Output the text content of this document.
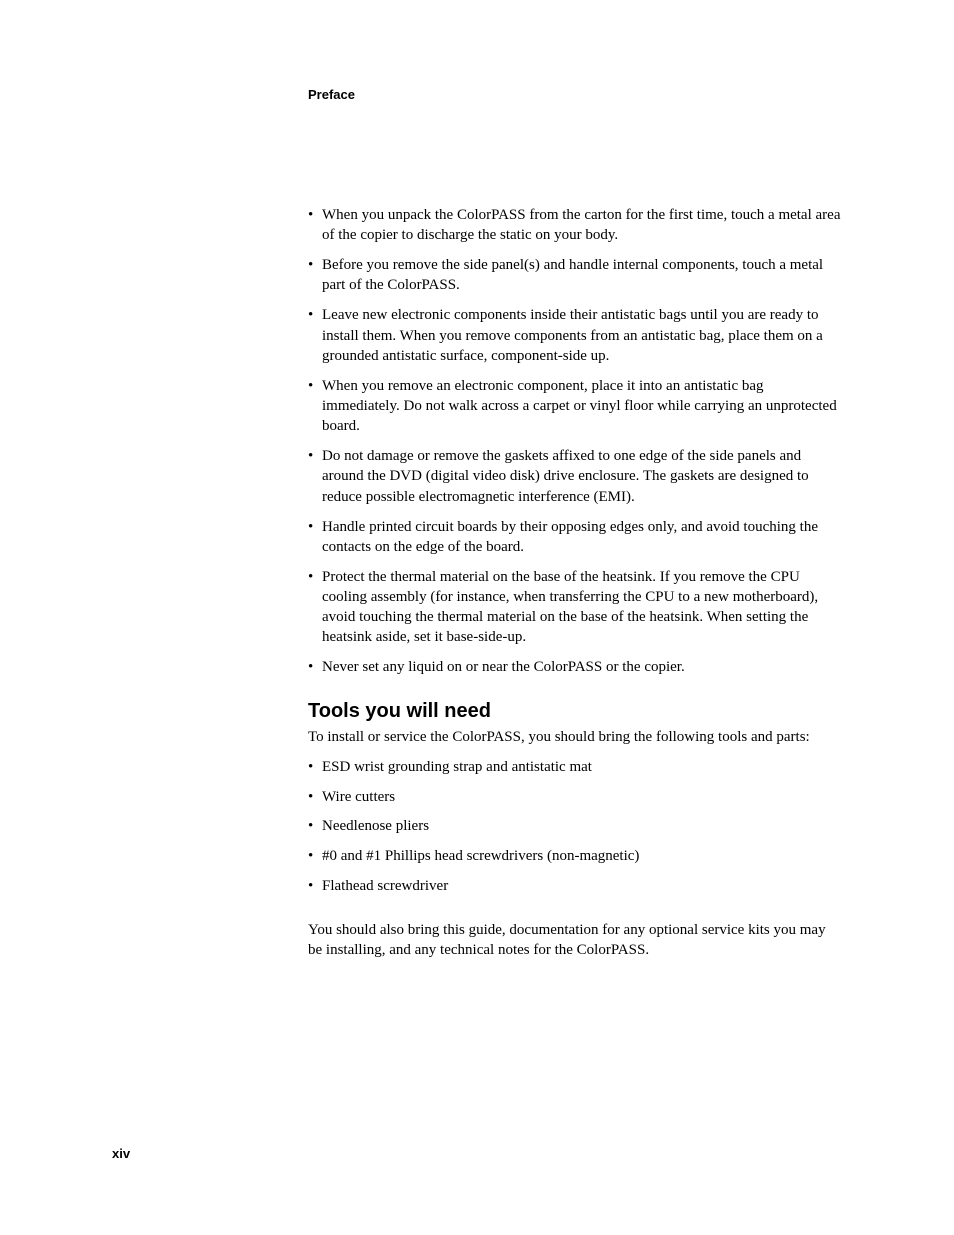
Preface
• When you unpack the ColorPASS from the carton for the first time, touch a metal area of the copier to discharge the static on your body.
• Before you remove the side panel(s) and handle internal components, touch a metal part of the ColorPASS.
• Leave new electronic components inside their antistatic bags until you are ready to install them. When you remove components from an antistatic bag, place them on a grounded antistatic surface, component-side up.
• When you remove an electronic component, place it into an antistatic bag immediately. Do not walk across a carpet or vinyl floor while carrying an unprotected board.
• Do not damage or remove the gaskets affixed to one edge of the side panels and around the DVD (digital video disk) drive enclosure. The gaskets are designed to reduce possible electromagnetic interference (EMI).
• Handle printed circuit boards by their opposing edges only, and avoid touching the contacts on the edge of the board.
• Protect the thermal material on the base of the heatsink. If you remove the CPU cooling assembly (for instance, when transferring the CPU to a new motherboard), avoid touching the thermal material on the base of the heatsink. When setting the heatsink aside, set it base-side-up.
• Never set any liquid on or near the ColorPASS or the copier.
Tools you will need

To install or service the ColorPASS, you should bring the following tools and parts:

• ESD wrist grounding strap and antistatic mat
• Wire cutters
• Needlenose pliers
• #0 and #1 Phillips head screwdrivers (non-magnetic)
• Flathead screwdriver

You should also bring this guide, documentation for any optional service kits you may be installing, and any technical notes for the ColorPASS.

xiv
